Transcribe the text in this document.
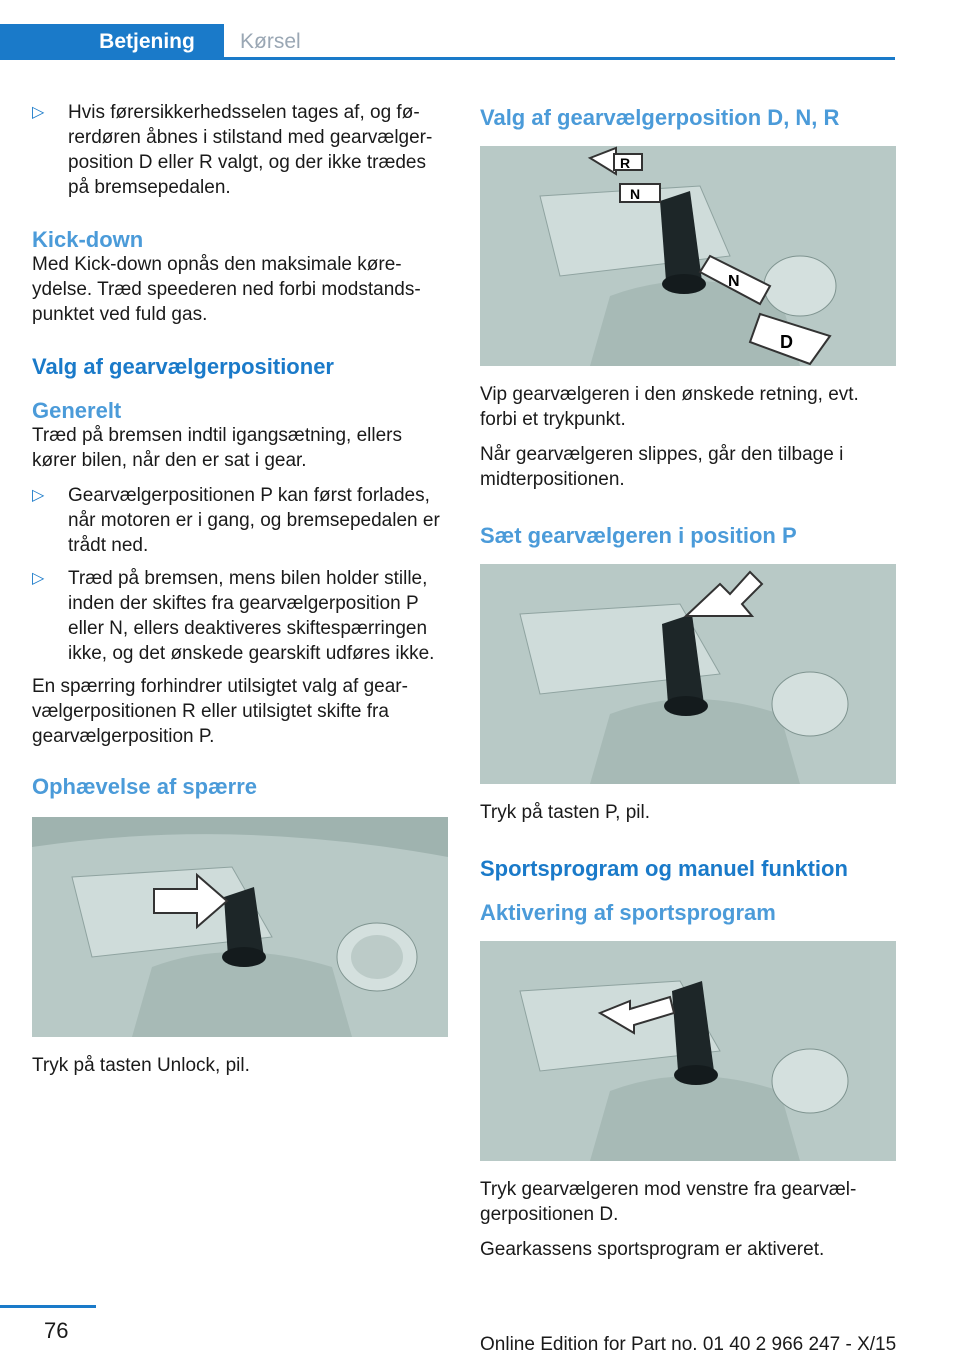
Betjening Kørsel
▷ Hvis førersikkerhedsselen tages af, og førerdøren åbnes i stilstand med gearvælgerposition D eller R valgt, og der ikke trædes på bremsepedalen.
Kick-down

Med Kick-down opnås den maksimale køreydelse. Træd speederen ned forbi modstandspunktet ved fuld gas.

Valg af gearvælgerpositioner
Generelt

Træd på bremsen indtil igangsætning, ellers kører bilen, når den er sat i gear.

▷ Gearvælgerpositionen P kan først forlades, når motoren er i gang, og bremsepedalen er trådt ned.
▷ Træd på bremsen, mens bilen holder stille, inden der skiftes fra gearvælgerposition P eller N, ellers deaktiveres skiftespærringen ikke, og det ønskede gearskift udføres ikke.

En spærring forhindrer utilsigtet valg af gearvælgerpositionen R eller utilsigtet skifte fra gearvælgerposition P.

Ophævelse af spærre

Tryk på tasten Unlock, pil.

Valg af gearvælgerposition D, N, R
R
N
N
D

Vip gearvælgeren i den ønskede retning, evt. forbi et trykpunkt.

Når gearvælgeren slippes, går den tilbage i midterpositionen.

Sæt gearvælgeren i position P

Tryk på tasten P, pil.

Sportsprogram og manuel funktion
Aktivering af sportsprogram

Tryk gearvælgeren mod venstre fra gearvælgerpositionen D.

Gearkassens sportsprogram er aktiveret.

76
Online Edition for Part no. 01 40 2 966 247 - X/15
